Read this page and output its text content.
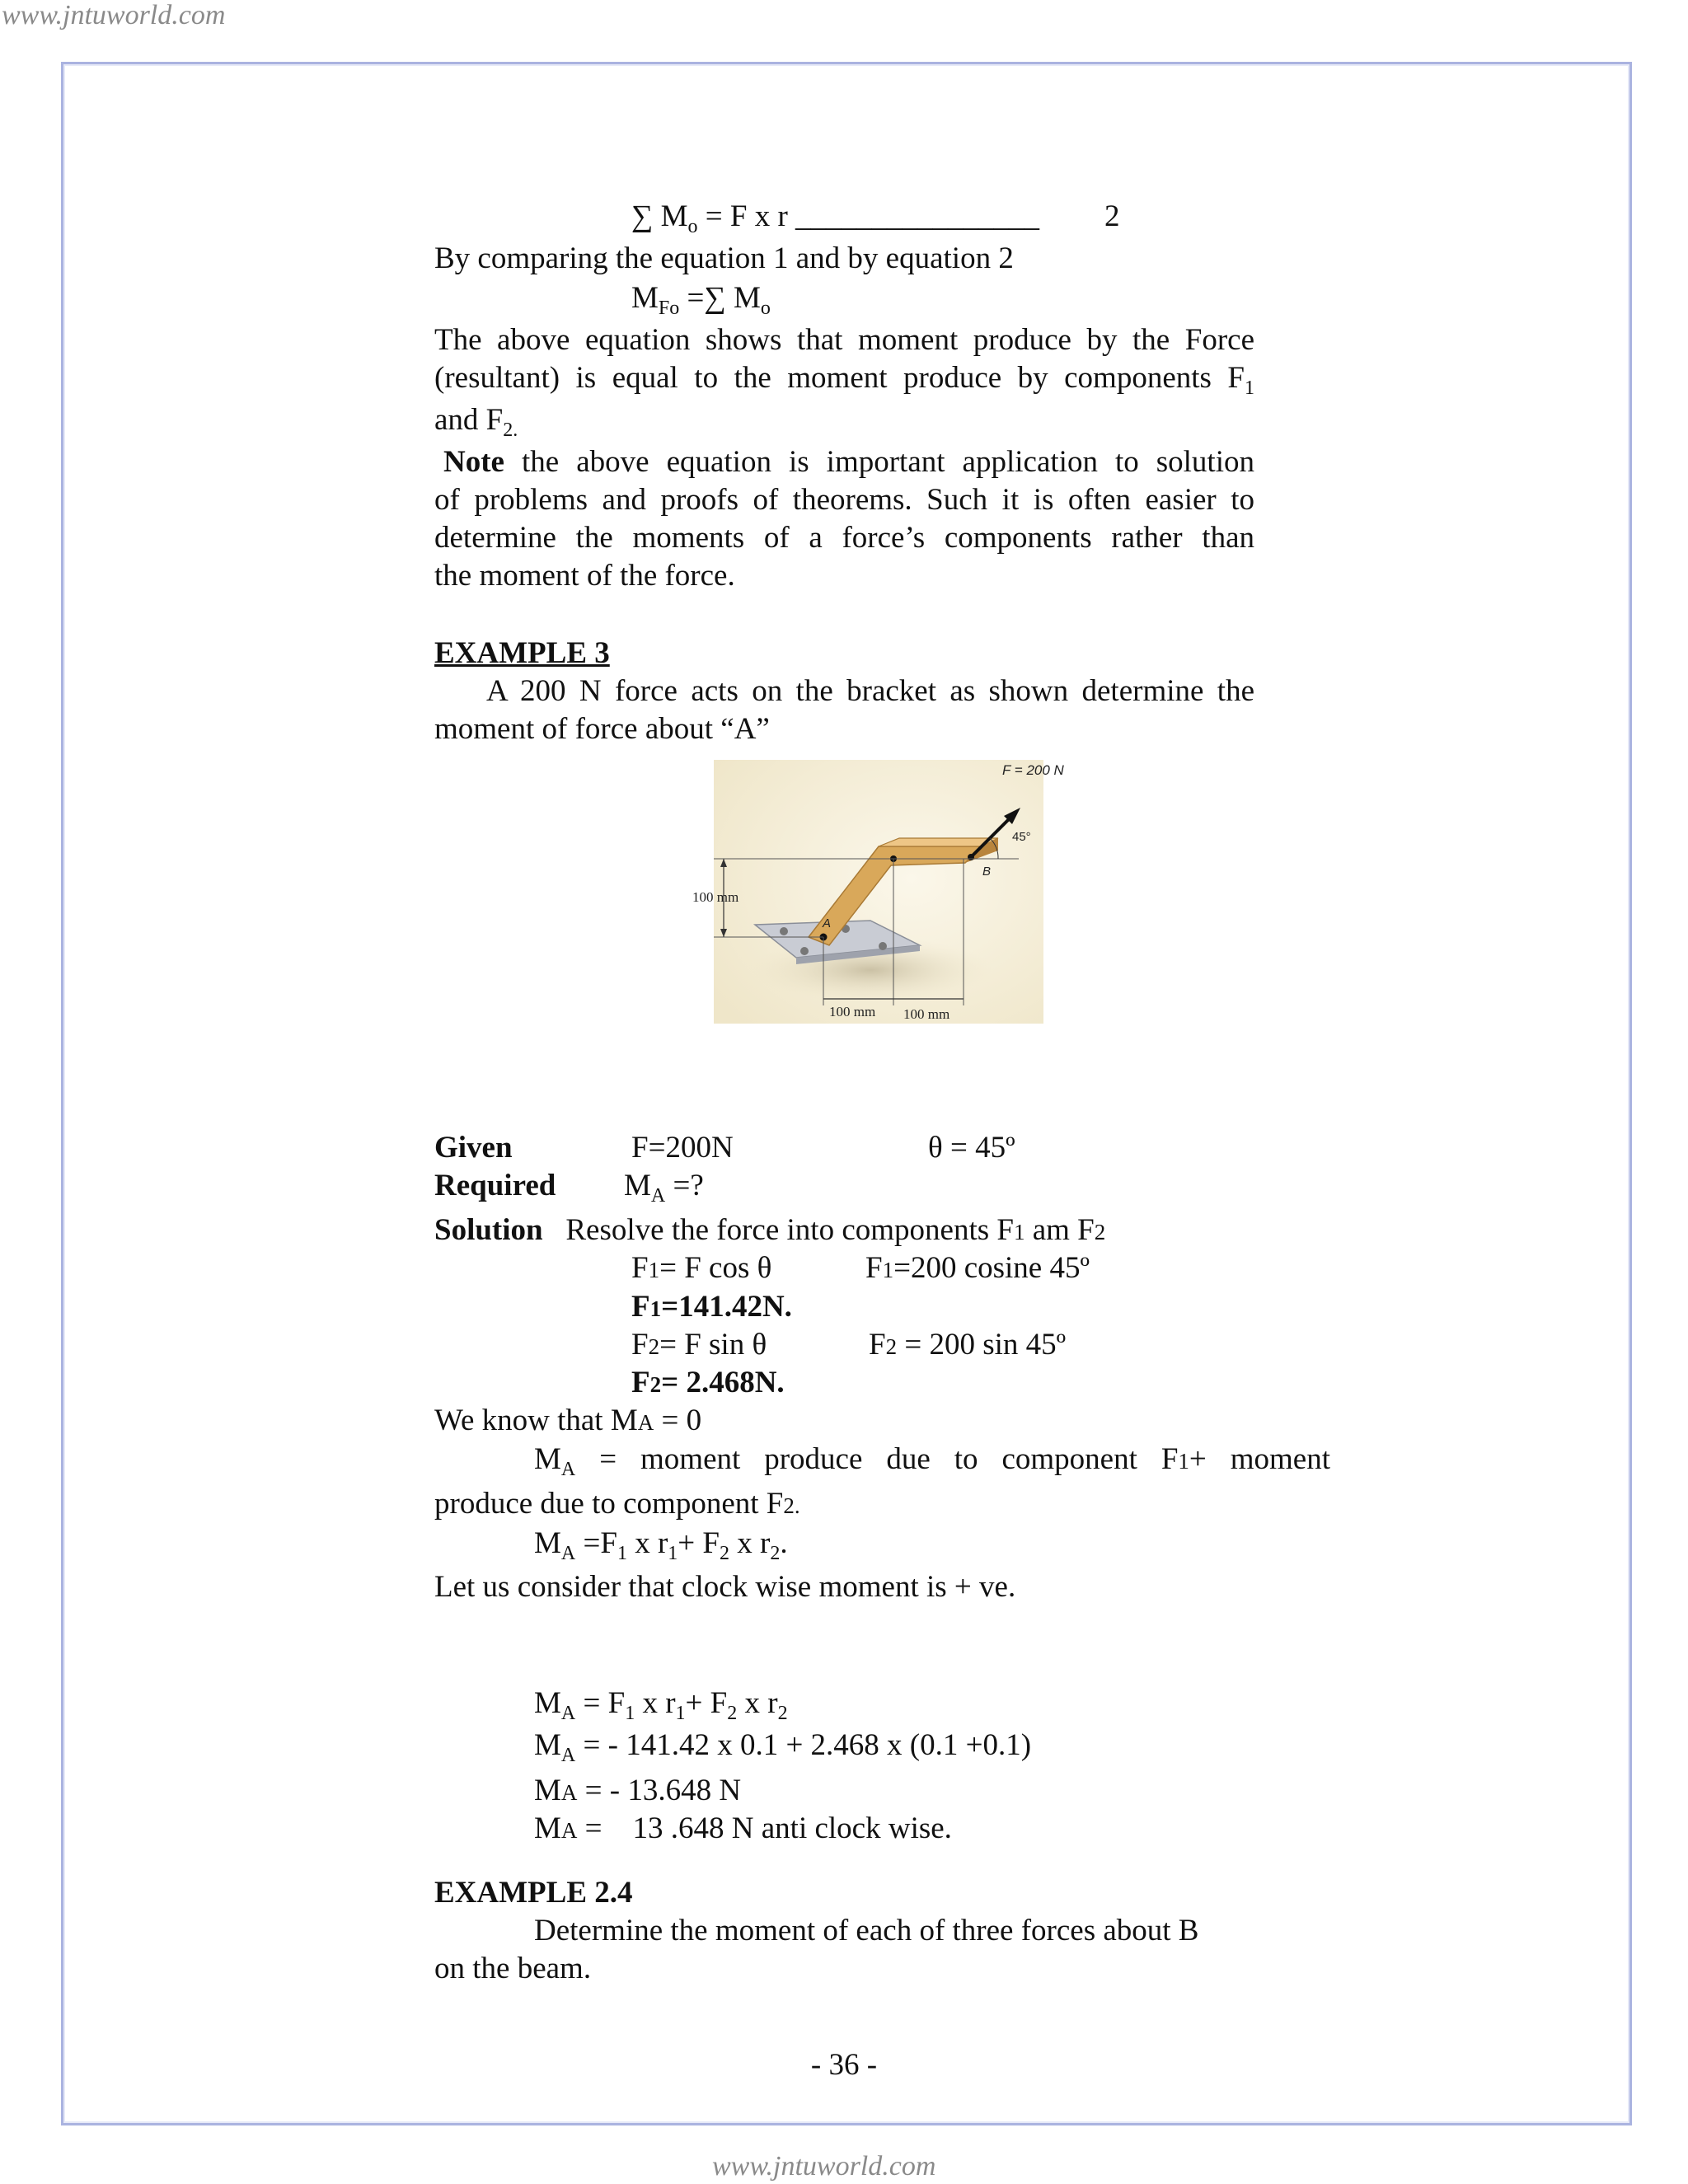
www.jntuworld.com
∑ $M_o = F$ x r ________________ 2
By comparing the equation 1 and by equation 2
$M_{Fo}$ =∑ $M_o$
The above equation shows that moment produce by the Force
(resultant) is equal to the moment produce by components $F_1$
and $F_{2.}$
Note the above equation is important application to solution
of problems and proofs of theorems. Such it is often easier to
determine the moments of a force’s components rather than
the moment of the force.
EXAMPLE 3
A 200 N force acts on the bracket as shown determine the
moment of force about “A”
F = 200 N
45°
B
A
100 mm
100 mm 100 mm
Given	F=200N	θ = 45º
Required $M_A$ =?
Solution Resolve the force into components F1 am F2
F1= F cos θ	F1=200 cosine 45º
F1=141.42N.
F2= F sin θ	F2 = 200 sin 45º
F2= 2.468N.
We know that MA = 0
$M_A$ = moment produce due to component F1+ moment
produce due to component F2.
$M_A =F_1$ x $r_1+ F_2$ x $r_2$.
Let us consider that clock wise moment is + ve.
$M_A = F_1$ x $r_1+ F_2$ x $r_2$
$M_A$ = - 141.42 x 0.1 + 2.468 x (0.1 +0.1)
MA = - 13.648 N
MA =    13 .648 N anti clock wise.
EXAMPLE 2.4
Determine the moment of each of three forces about B
on the beam.
- 36 -
www.jntuworld.com
